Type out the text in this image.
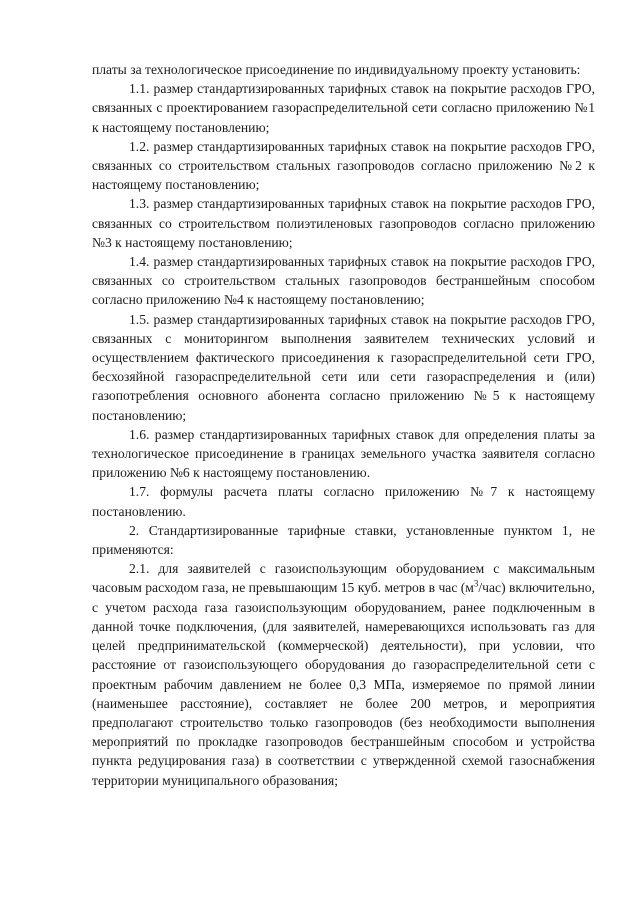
платы за технологическое присоединение по индивидуальному проекту установить:

1.1. размер стандартизированных тарифных ставок на покрытие расходов ГРО, связанных с проектированием газораспределительной сети согласно приложению №1 к настоящему постановлению;

1.2. размер стандартизированных тарифных ставок на покрытие расходов ГРО, связанных со строительством стальных газопроводов согласно приложению №2 к настоящему постановлению;

1.3. размер стандартизированных тарифных ставок на покрытие расходов ГРО, связанных со строительством полиэтиленовых газопроводов согласно приложению №3 к настоящему постановлению;

1.4. размер стандартизированных тарифных ставок на покрытие расходов ГРО, связанных со строительством стальных газопроводов бестраншейным способом согласно приложению №4 к настоящему постановлению;

1.5. размер стандартизированных тарифных ставок на покрытие расходов ГРО, связанных с мониторингом выполнения заявителем технических условий и осуществлением фактического присоединения к газораспределительной сети ГРО, бесхозяйной газораспределительной сети или сети газораспределения и (или) газопотребления основного абонента согласно приложению №5 к настоящему постановлению;

1.6. размер стандартизированных тарифных ставок для определения платы за технологическое присоединение в границах земельного участка заявителя согласно приложению №6 к настоящему постановлению.

1.7. формулы расчета платы согласно приложению №7 к настоящему постановлению.

2. Стандартизированные тарифные ставки, установленные пунктом 1, не применяются:

2.1. для заявителей с газоиспользующим оборудованием с максимальным часовым расходом газа, не превышающим 15 куб. метров в час $(м^3/час)$ включительно, с учетом расхода газа газоиспользующим оборудованием, ранее подключенным в данной точке подключения, (для заявителей, намеревающихся использовать газ для целей предпринимательской (коммерческой) деятельности), при условии, что расстояние от газоиспользующего оборудования до газораспределительной сети с проектным рабочим давлением не более 0,3 МПа, измеряемое по прямой линии (наименьшее расстояние), составляет не более 200 метров, и мероприятия предполагают строительство только газопроводов (без необходимости выполнения мероприятий по прокладке газопроводов бестраншейным способом и устройства пункта редуцирования газа) в соответствии с утвержденной схемой газоснабжения территории муниципального образования;
